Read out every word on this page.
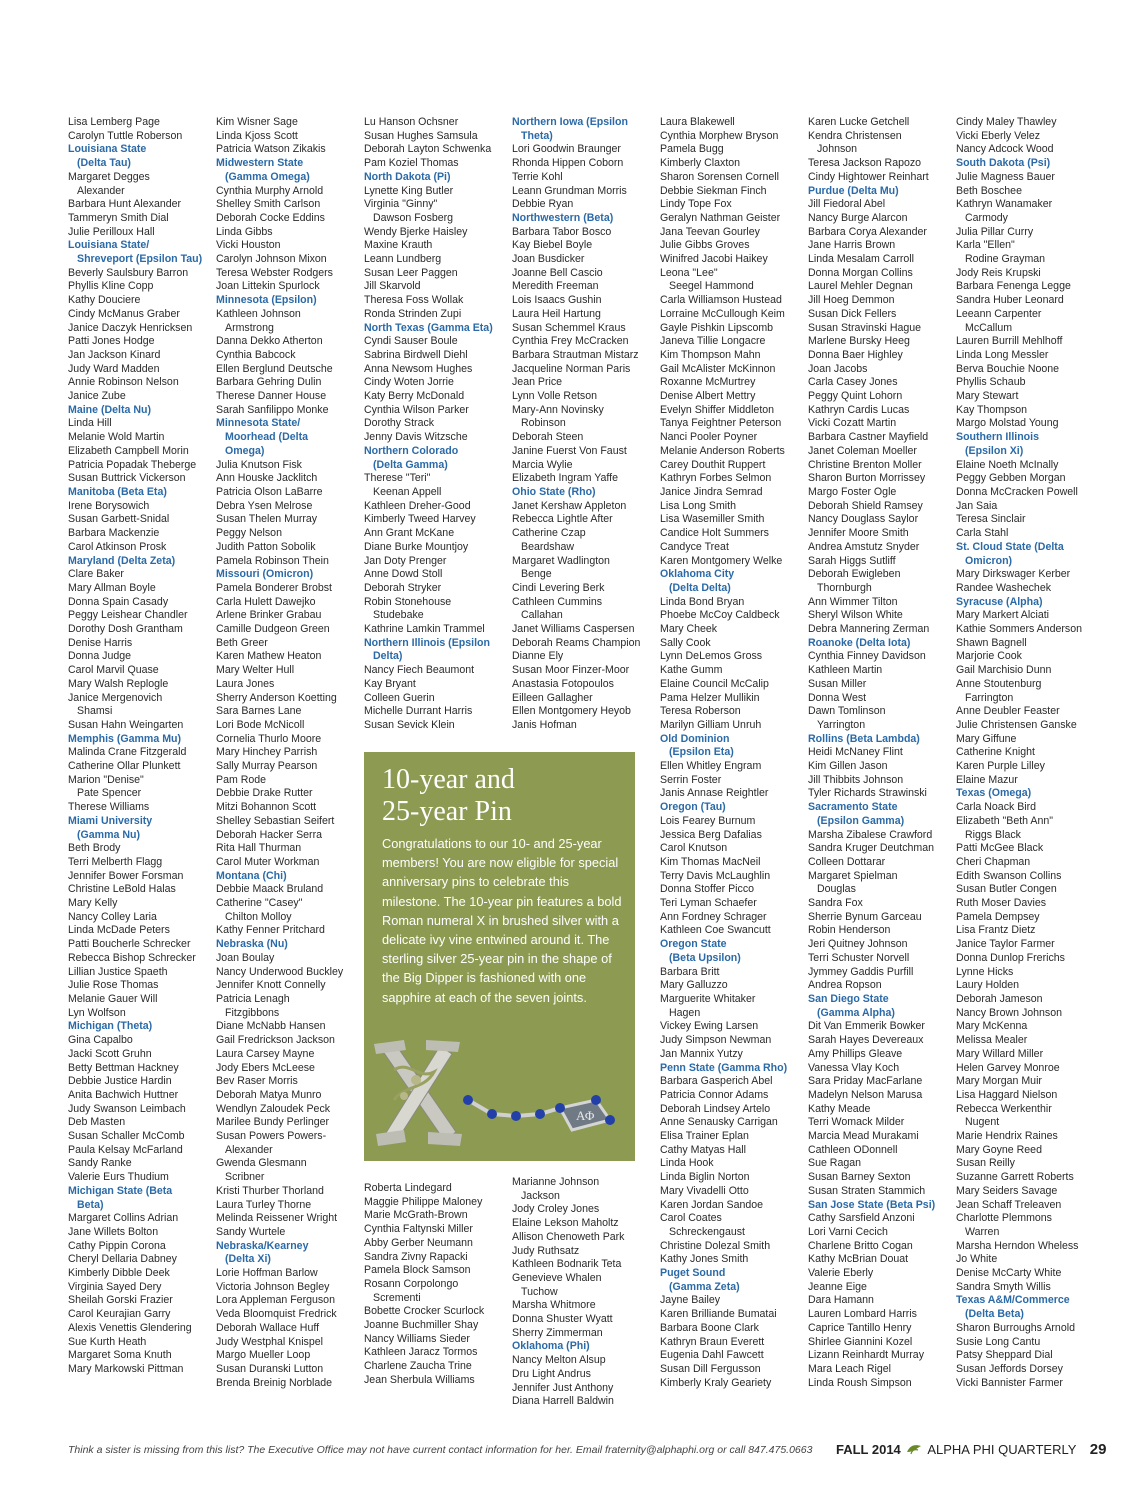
Lisa Lemberg Page

Carolyn Tuttle Roberson

Louisiana State

(Delta Tau)

Margaret Degges

Alexander

Barbara Hunt Alexander

Tammeryn Smith Dial

Julie Perilloux Hall

Louisiana State/

Shreveport (Epsilon Tau)

Beverly Saulsbury Barron

Phyllis Kline Copp

Kathy Douciere

Cindy McManus Graber

Janice Daczyk Henricksen

Patti Jones Hodge

Jan Jackson Kinard

Judy Ward Madden

Annie Robinson Nelson

Janice Zube

Maine (Delta Nu)

Linda Hill

Melanie Wold Martin

Elizabeth Campbell Morin

Patricia Popadak Theberge

Susan Buttrick Vickerson

Manitoba (Beta Eta)

Irene Borysowich

Susan Garbett-Snidal

Barbara Mackenzie

Carol Atkinson Prosk

Maryland (Delta Zeta)

Clare Baker

Mary Allman Boyle

Donna Spain Casady

Peggy Leishear Chandler

Dorothy Dosh Grantham

Denise Harris

Donna Judge

Carol Marvil Quase

Mary Walsh Replogle

Janice Mergenovich

Shamsi

Susan Hahn Weingarten

Memphis (Gamma Mu)

Malinda Crane Fitzgerald

Catherine Ollar Plunkett

Marion "Denise"

Pate Spencer

Therese Williams

Miami University

(Gamma Nu)

Beth Brody

Terri Melberth Flagg

Jennifer Bower Forsman

Christine LeBold Halas

Mary Kelly

Nancy Colley Laria

Linda McDade Peters

Patti Boucherle Schrecker

Rebecca Bishop Schrecker

Lillian Justice Spaeth

Julie Rose Thomas

Melanie Gauer Will

Lyn Wolfson

Michigan (Theta)

Gina Capalbo

Jacki Scott Gruhn

Betty Bettman Hackney

Debbie Justice Hardin

Anita Bachwich Huttner

Judy Swanson Leimbach

Deb Masten

Susan Schaller McComb

Paula Kelsay McFarland

Sandy Ranke

Valerie Eurs Thudium

Michigan State (Beta

Beta)

Margaret Collins Adrian

Jane Willets Bolton

Cathy Pippin Corona

Cheryl Dellaria Dabney

Kimberly Dibble Deek

Virginia Sayed Dery

Sheilah Gorski Frazier

Carol Keurajian Garry

Alexis Venettis Glendering

Sue Kurth Heath

Margaret Soma Knuth

Mary Markowski Pittman

Kim Wisner Sage

Linda Kjoss Scott

Patricia Watson Zikakis

Midwestern State

(Gamma Omega)

Cynthia Murphy Arnold

Shelley Smith Carlson

Deborah Cocke Eddins

Linda Gibbs

Vicki Houston

Carolyn Johnson Mixon

Teresa Webster Rodgers

Joan Littekin Spurlock

Minnesota (Epsilon)

Kathleen Johnson

Armstrong

Danna Dekko Atherton

Cynthia Babcock

Ellen Berglund Deutsche

Barbara Gehring Dulin

Therese Danner House

Sarah Sanfilippo Monke

Minnesota State/

Moorhead (Delta

Omega)

Julia Knutson Fisk

Ann Houske Jacklitch

Patricia Olson LaBarre

Debra Ysen Melrose

Susan Thelen Murray

Peggy Nelson

Judith Patton Sobolik

Pamela Robinson Thein

Missouri (Omicron)

Pamela Bonderer Brobst

Carla Hulett Dawejko

Arlene Brinker Grabau

Camille Dudgeon Green

Beth Greer

Karen Mathew Heaton

Mary Welter Hull

Laura Jones

Sherry Anderson Koetting

Sara Barnes Lane

Lori Bode McNicoll

Cornelia Thurlo Moore

Mary Hinchey Parrish

Sally Murray Pearson

Pam Rode

Debbie Drake Rutter

Mitzi Bohannon Scott

Shelley Sebastian Seifert

Deborah Hacker Serra

Rita Hall Thurman

Carol Muter Workman

Montana (Chi)

Debbie Maack Bruland

Catherine "Casey"

Chilton Molloy

Kathy Fenner Pritchard

Nebraska (Nu)

Joan Boulay

Nancy Underwood Buckley

Jennifer Knott Connelly

Patricia Lenagh

Fitzgibbons

Diane McNabb Hansen

Gail Fredrickson Jackson

Laura Carsey Mayne

Jody Ebers McLeese

Bev Raser Morris

Deborah Matya Munro

Wendlyn Zaloudek Peck

Marilee Bundy Perlinger

Susan Powers Powers-

Alexander

Gwenda Glesmann

Scribner

Kristi Thurber Thorland

Laura Turley Thorne

Melinda Reissener Wright

Sandy Wurtele

Nebraska/Kearney

(Delta Xi)

Lorie Hoffman Barlow

Victoria Johnson Begley

Lora Appleman Ferguson

Veda Bloomquist Fredrick

Deborah Wallace Huff

Judy Westphal Knispel

Margo Mueller Loop

Susan Duranski Lutton

Brenda Breinig Norblade

Lu Hanson Ochsner

Susan Hughes Samsula

Deborah Layton Schwenka

Pam Koziel Thomas

North Dakota (Pi)

Lynette King Butler

Virginia "Ginny"

Dawson Fosberg

Wendy Bjerke Haisley

Maxine Krauth

Leann Lundberg

Susan Leer Paggen

Jill Skarvold

Theresa Foss Wollak

Ronda Strinden Zupi

North Texas (Gamma Eta)

Cyndi Sauser Boule

Sabrina Birdwell Diehl

Anna Newsom Hughes

Cindy Woten Jorrie

Katy Berry McDonald

Cynthia Wilson Parker

Dorothy Strack

Jenny Davis Witzsche

Northern Colorado

(Delta Gamma)

Therese "Teri"

Keenan Appell

Kathleen Dreher-Good

Kimberly Tweed Harvey

Ann Grant McKane

Diane Burke Mountjoy

Jan Doty Prenger

Anne Dowd Stoll

Deborah Stryker

Robin Stonehouse

Studebake

Kathrine Lamkin Trammel

Northern Illinois (Epsilon

Delta)

Nancy Fiech Beaumont

Kay Bryant

Colleen Guerin

Michelle Durrant Harris

Susan Sevick Klein

Northern Iowa (Epsilon

Theta)

Lori Goodwin Braunger

Rhonda Hippen Coborn

Terrie Kohl

Leann Grundman Morris

Debbie Ryan

Northwestern (Beta)

Barbara Tabor Bosco

Kay Biebel Boyle

Joan Busdicker

Joanne Bell Cascio

Meredith Freeman

Lois Isaacs Gushin

Laura Heil Hartung

Susan Schemmel Kraus

Cynthia Frey McCracken

Barbara Strautman Mistarz

Jacqueline Norman Paris

Jean Price

Lynn Volle Retson

Mary-Ann Novinsky

Robinson

Deborah Steen

Janine Fuerst Von Faust

Marcia Wylie

Elizabeth Ingram Yaffe

Ohio State (Rho)

Janet Kershaw Appleton

Rebecca Lightle After

Catherine Czap

Beardshaw

Margaret Wadlington

Benge

Cindi Levering Berk

Cathleen Cummins

Callahan

Janet Williams Caspersen

Deborah Reams Champion

Dianne Ely

Susan Moor Finzer-Moor

Anastasia Fotopoulos

Eilleen Gallagher

Ellen Montgomery Heyob

Janis Hofman

Laura Blakewell

Cynthia Morphew Bryson

Pamela Bugg

Kimberly Claxton

Sharon Sorensen Cornell

Debbie Siekman Finch

Lindy Tope Fox

Geralyn Nathman Geister

Jana Teevan Gourley

Julie Gibbs Groves

Winifred Jacobi Haikey

Leona "Lee"

Seegel Hammond

Carla Williamson Hustead

Lorraine McCullough Keim

Gayle Pishkin Lipscomb

Janeva Tillie Longacre

Kim Thompson Mahn

Gail McAlister McKinnon

Roxanne McMurtrey

Denise Albert Mettry

Evelyn Shiffer Middleton

Tanya Feightner Peterson

Nanci Pooler Poyner

Melanie Anderson Roberts

Carey Douthit Ruppert

Kathryn Forbes Selmon

Janice Jindra Semrad

Lisa Long Smith

Lisa Wasemiller Smith

Candice Holt Summers

Candyce Treat

Karen Montgomery Welke

Oklahoma City

(Delta Delta)

Linda Bond Bryan

Phoebe McCoy Caldbeck

Mary Cheek

Sally Cook

Lynn DeLemos Gross

Kathe Gumm

Elaine Council McCalip

Pama Helzer Mullikin

Teresa Roberson

Marilyn Gilliam Unruh

Old Dominion

(Epsilon Eta)

Ellen Whitley Engram

Serrin Foster

Janis Annase Reightler

Oregon (Tau)

Lois Fearey Burnum

Jessica Berg Dafalias

Carol Knutson

Kim Thomas MacNeil

Terry Davis McLaughlin

Donna Stoffer Picco

Teri Lyman Schaefer

Ann Fordney Schrager

Kathleen Coe Swancutt

Oregon State

(Beta Upsilon)

Barbara Britt

Mary Galluzzo

Marguerite Whitaker

Hagen

Vickey Ewing Larsen

Judy Simpson Newman

Jan Mannix Yutzy

Penn State (Gamma Rho)

Barbara Gasperich Abel

Patricia Connor Adams

Deborah Lindsey Artelo

Anne Senausky Carrigan

Elisa Trainer Eplan

Cathy Matyas Hall

Linda Hook

Linda Biglin Norton

Mary Vivadelli Otto

Karen Jordan Sandoe

Carol Coates

Schreckengaust

Christine Dolezal Smith

Kathy Jones Smith

Puget Sound

(Gamma Zeta)

Jayne Bailey

Karen Brilliande Bumatai

Barbara Boone Clark

Kathryn Braun Everett

Eugenia Dahl Fawcett

Susan Dill Fergusson

Kimberly Kraly Geariety

Karen Lucke Getchell

Kendra Christensen

Johnson

Teresa Jackson Rapozo

Cindy Hightower Reinhart

Purdue (Delta Mu)

Jill Fiedoral Abel

Nancy Burge Alarcon

Barbara Corya Alexander

Jane Harris Brown

Linda Mesalam Carroll

Donna Morgan Collins

Laurel Mehler Degnan

Jill Hoeg Demmon

Susan Dick Fellers

Susan Stravinski Hague

Marlene Bursky Heeg

Donna Baer Highley

Joan Jacobs

Carla Casey Jones

Peggy Quint Lohorn

Kathryn Cardis Lucas

Vicki Cozatt Martin

Barbara Castner Mayfield

Janet Coleman Moeller

Christine Brenton Moller

Sharon Burton Morrissey

Margo Foster Ogle

Deborah Shield Ramsey

Nancy Douglass Saylor

Jennifer Moore Smith

Andrea Amstutz Snyder

Sarah Higgs Sutliff

Deborah Ewigleben

Thornburgh

Ann Wimmer Tilton

Sheryl Wilson White

Debra Mannering Zerman

Roanoke (Delta Iota)

Cynthia Finney Davidson

Kathleen Martin

Susan Miller

Donna West

Dawn Tomlinson

Yarrington

Rollins (Beta Lambda)

Heidi McNaney Flint

Kim Gillen Jason

Jill Thibbits Johnson

Tyler Richards Strawinski

Sacramento State

(Epsilon Gamma)

Marsha Zibalese Crawford

Sandra Kruger Deutchman

Colleen Dottarar

Margaret Spielman

Douglas

Sandra Fox

Sherrie Bynum Garceau

Robin Henderson

Jeri Quitney Johnson

Terri Schuster Norvell

Jymmey Gaddis Purfill

Andrea Ropson

San Diego State

(Gamma Alpha)

Dit Van Emmerik Bowker

Sarah Hayes Devereaux

Amy Phillips Gleave

Vanessa Vlay Koch

Sara Priday MacFarlane

Madelyn Nelson Marusa

Kathy Meade

Terri Womack Milder

Marcia Mead Murakami

Cathleen ODonnell

Sue Ragan

Susan Barney Sexton

Susan Straten Stammich

San Jose State (Beta Psi)

Cathy Sarsfield Anzoni

Lori Varni Cecich

Charlene Britto Cogan

Kathy McBrian Douat

Valerie Eberly

Jeanne Eige

Dara Hamann

Lauren Lombard Harris

Caprice Tantillo Henry

Shirlee Giannini Kozel

Lizann Reinhardt Murray

Mara Leach Rigel

Linda Roush Simpson

Cindy Maley Thawley

Vicki Eberly Velez

Nancy Adcock Wood

South Dakota (Psi)

Julie Magness Bauer

Beth Boschee

Kathryn Wanamaker

Carmody

Julia Pillar Curry

Karla "Ellen"

Rodine Grayman

Jody Reis Krupski

Barbara Fenenga Legge

Sandra Huber Leonard

Leeann Carpenter

McCallum

Lauren Burrill Mehlhoff

Linda Long Messler

Berva Bouchie Noone

Phyllis Schaub

Mary Stewart

Kay Thompson

Margo Molstad Young

Southern Illinois

(Epsilon Xi)

Elaine Noeth McInally

Peggy Gebben Morgan

Donna McCracken Powell

Jan Saia

Teresa Sinclair

Carla Stahl

St. Cloud State (Delta

Omicron)

Mary Dirkswager Kerber

Randee Washechek

Syracuse (Alpha)

Mary Markert Alciati

Kathie Sommers Anderson

Shawn Bagnell

Marjorie Cook

Gail Marchisio Dunn

Anne Stoutenburg

Farrington

Anne Deubler Feaster

Julie Christensen Ganske

Mary Giffune

Catherine Knight

Karen Purple Lilley

Elaine Mazur

Texas (Omega)

Carla Noack Bird

Elizabeth "Beth Ann"

Riggs Black

Patti McGee Black

Cheri Chapman

Edith Swanson Collins

Susan Butler Congen

Ruth Moser Davies

Pamela Dempsey

Lisa Frantz Dietz

Janice Taylor Farmer

Donna Dunlop Frerichs

Lynne Hicks

Laury Holden

Deborah Jameson

Nancy Brown Johnson

Mary McKenna

Melissa Mealer

Mary Willard Miller

Helen Garvey Monroe

Mary Morgan Muir

Lisa Haggard Nielson

Rebecca Werkenthir

Nugent

Marie Hendrix Raines

Mary Goyne Reed

Susan Reilly

Suzanne Garrett Roberts

Mary Seiders Savage

Jean Schaff Treleaven

Charlotte Plemmons

Warren

Marsha Herndon Wheless

Jo White

Denise McCarty White

Sandra Smyth Willis

Texas A&M/Commerce

(Delta Beta)

Sharon Burroughs Arnold

Susie Long Cantu

Patsy Sheppard Dial

Susan Jeffords Dorsey

Vicki Bannister Farmer

Roberta Lindegard

Maggie Philippe Maloney

Marie McGrath-Brown

Cynthia Faltynski Miller

Abby Gerber Neumann

Sandra Zivny Rapacki

Pamela Block Samson

Rosann Corpolongo

Scrementi

Bobette Crocker Scurlock

Joanne Buchmiller Shay

Nancy Williams Sieder

Kathleen Jaracz Tormos

Charlene Zaucha Trine

Jean Sherbula Williams

Marianne Johnson

Jackson

Jody Croley Jones

Elaine Lekson Maholtz

Allison Chenoweth Park

Judy Ruthsatz

Kathleen Bodnarik Teta

Genevieve Whalen

Tuchow

Marsha Whitmore

Donna Shuster Wyatt

Sherry Zimmerman

Oklahoma (Phi)

Nancy Melton Alsup

Dru Light Andrus

Jennifer Just Anthony

Diana Harrell Baldwin

10-year and
25-year Pin
Congratulations to our 10- and 25-year members! You are now eligible for special anniversary pins to celebrate this milestone. The 10-year pin features a bold Roman numeral X in brushed silver with a delicate ivy vine entwined around it. The sterling silver 25-year pin in the shape of the Big Dipper is fashioned with one sapphire at each of the seven joints.
ΑΦ
Think a sister is missing from this list? The Executive Office may not have current contact information for her. Email fraternity@alphaphi.org or call 847.475.0663 FALL 2014 ALPHA PHI QUARTERLY 29
